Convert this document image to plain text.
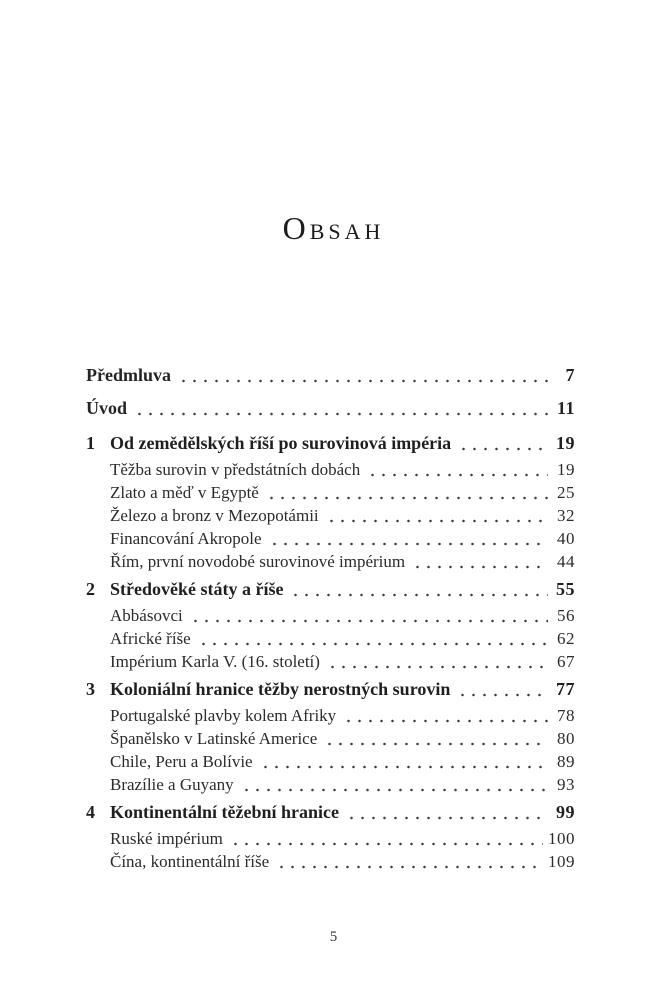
Obsah
Předmluva	7
Úvod	11
1 Od zemědělských říší po surovinová impéria	19
Těžba surovin v předstátních dobách	19
Zlato a měď v Egyptě	25
Železo a bronz v Mezopotámii	32
Financování Akropole	40
Řím, první novodobé surovinové impérium	44
2 Středověké státy a říše	55
Abbásovci	56
Africké říše	62
Impérium Karla V. (16. století)	67
3 Koloniální hranice těžby nerostných surovin	77
Portugalské plavby kolem Afriky	78
Španělsko v Latinské Americe	80
Chile, Peru a Bolívie	89
Brazílie a Guyany	93
4 Kontinentální těžební hranice	99
Ruské impérium	100
Čína, kontinentální říše	109
5
